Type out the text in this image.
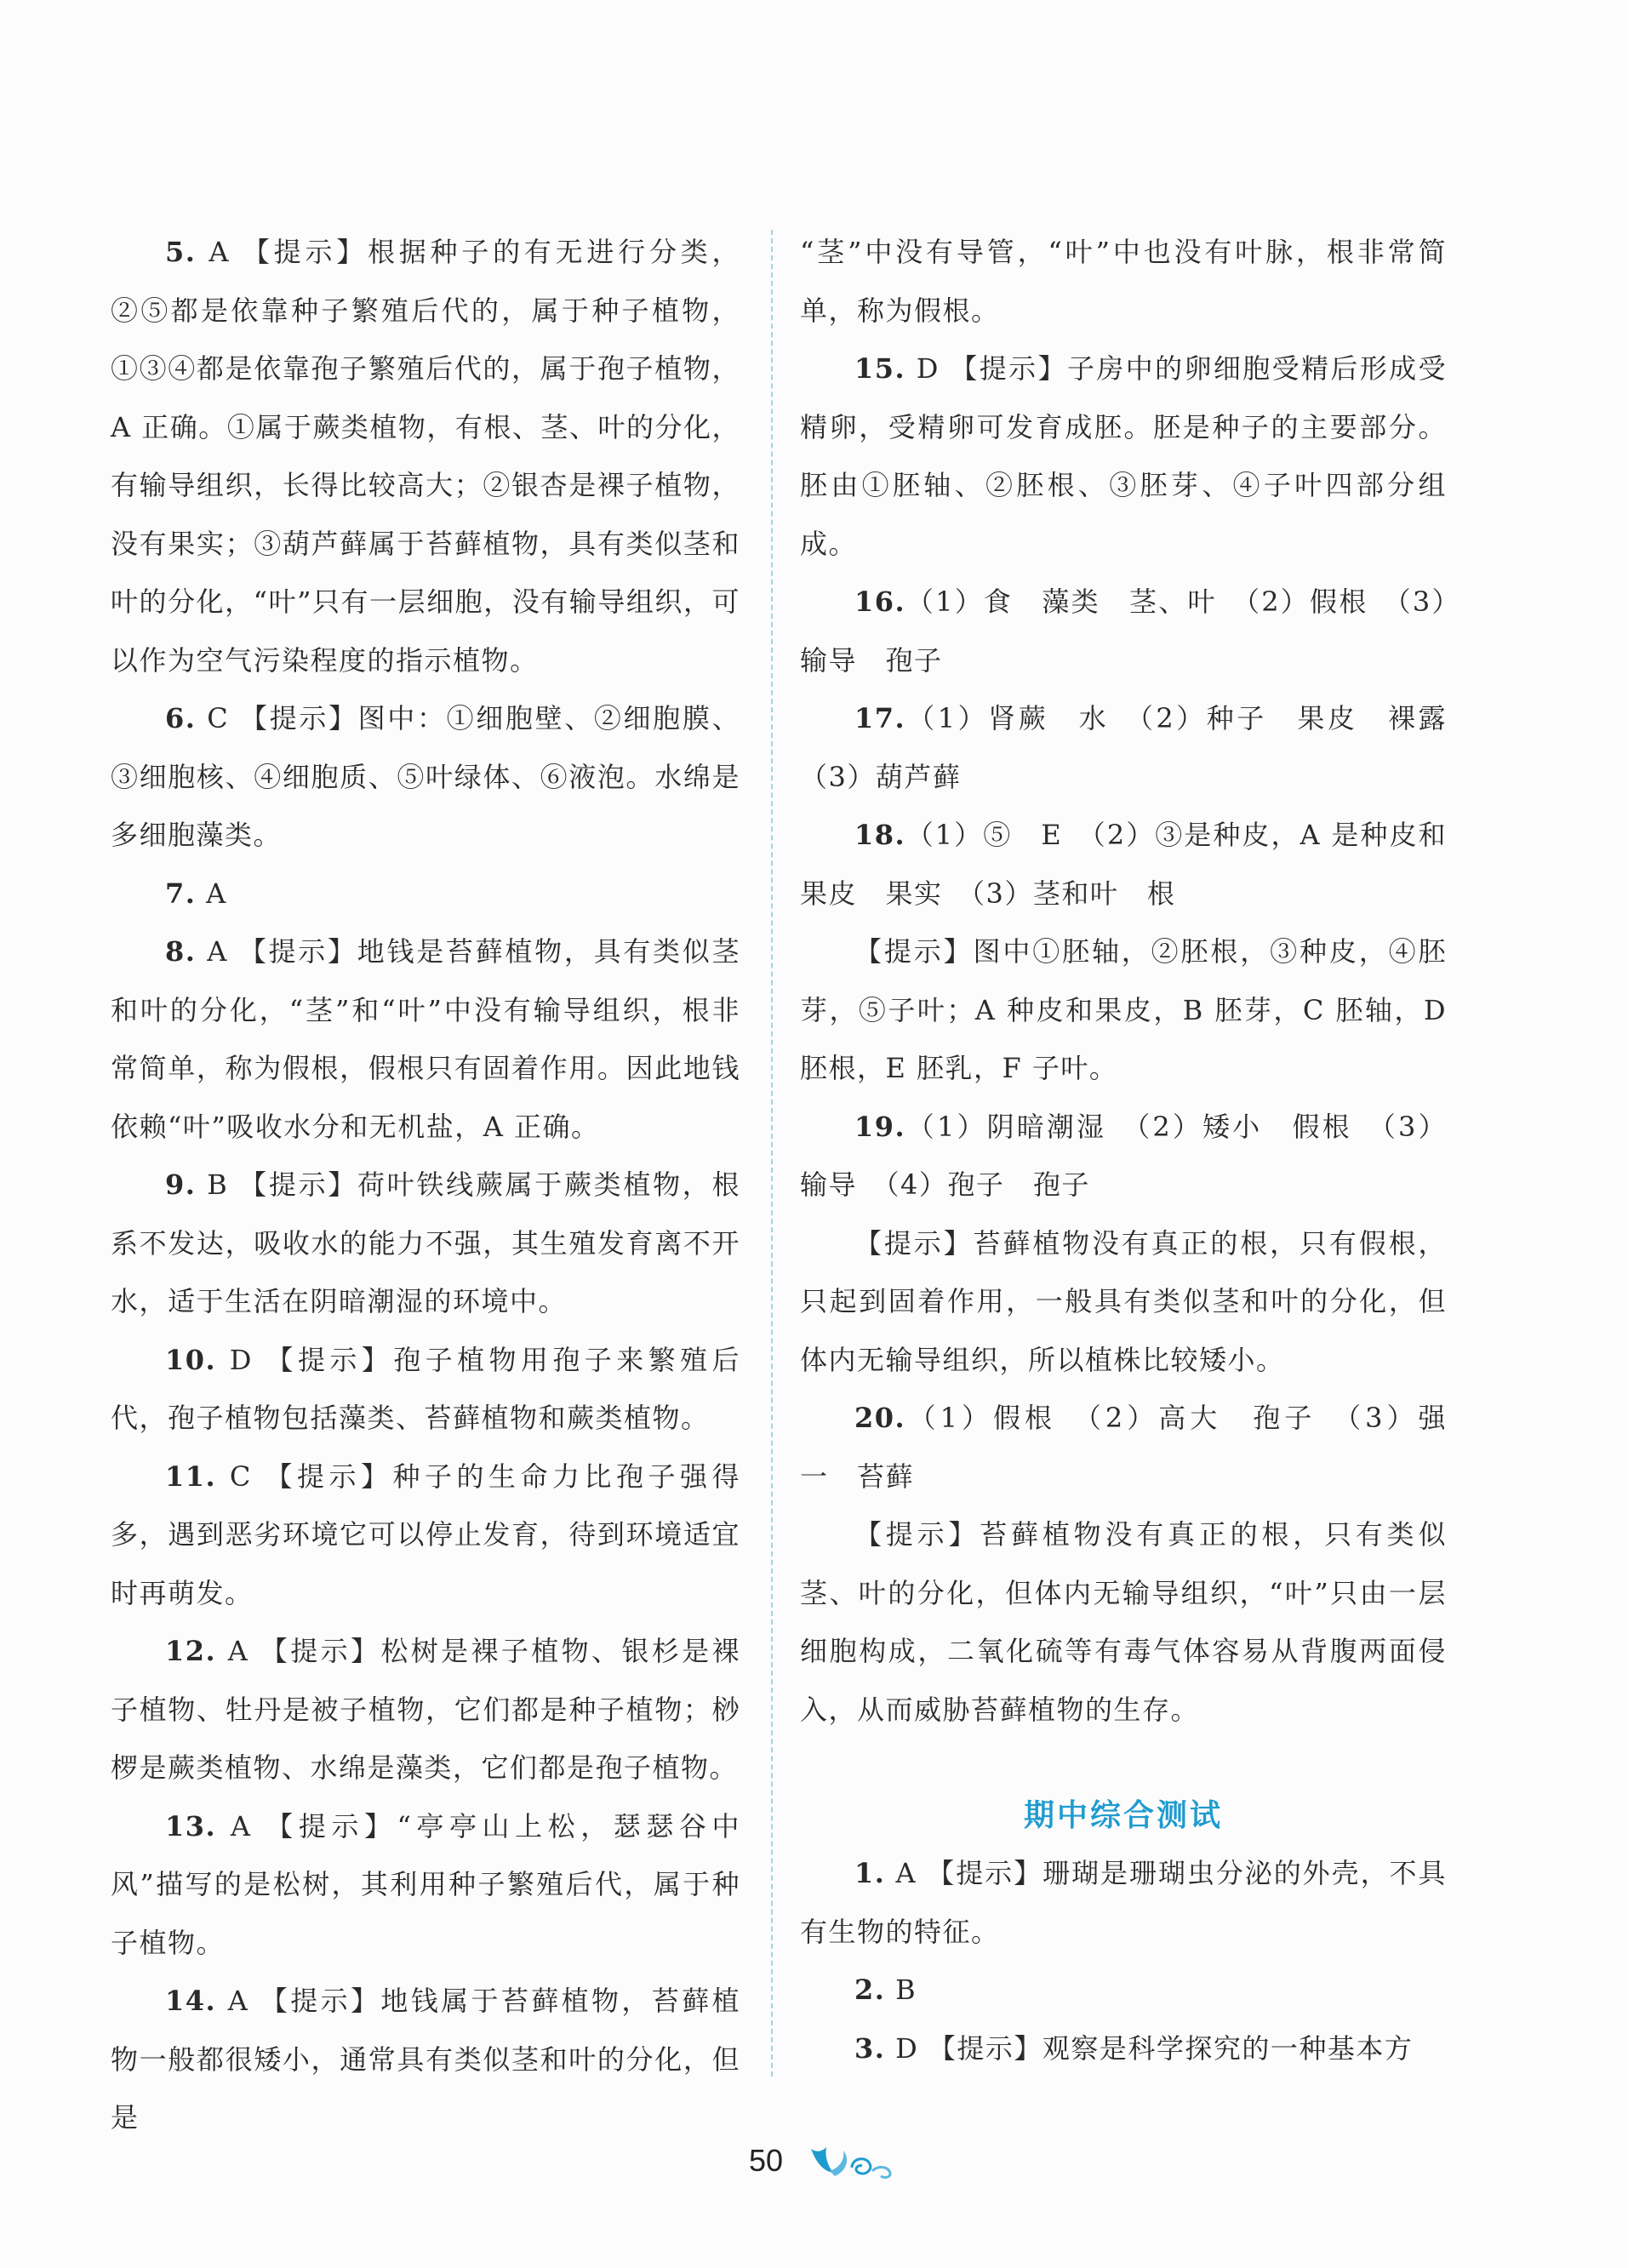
5. A 【提示】根据种子的有无进行分类，②⑤都是依靠种子繁殖后代的，属于种子植物，①③④都是依靠孢子繁殖后代的，属于孢子植物，A 正确。①属于蕨类植物，有根、茎、叶的分化，有输导组织，长得比较高大；②银杏是裸子植物，没有果实；③葫芦藓属于苔藓植物，具有类似茎和叶的分化，“叶”只有一层细胞，没有输导组织，可以作为空气污染程度的指示植物。

6. C 【提示】图中：①细胞壁、②细胞膜、③细胞核、④细胞质、⑤叶绿体、⑥液泡。水绵是多细胞藻类。

7. A

8. A 【提示】地钱是苔藓植物，具有类似茎和叶的分化，“茎”和“叶”中没有输导组织，根非常简单，称为假根，假根只有固着作用。因此地钱依赖“叶”吸收水分和无机盐，A 正确。

9. B 【提示】荷叶铁线蕨属于蕨类植物，根系不发达，吸收水的能力不强，其生殖发育离不开水，适于生活在阴暗潮湿的环境中。

10. D 【提示】孢子植物用孢子来繁殖后代，孢子植物包括藻类、苔藓植物和蕨类植物。

11. C 【提示】种子的生命力比孢子强得多，遇到恶劣环境它可以停止发育，待到环境适宜时再萌发。

12. A 【提示】松树是裸子植物、银杉是裸子植物、牡丹是被子植物，它们都是种子植物；桫椤是蕨类植物、水绵是藻类，它们都是孢子植物。

13. A 【提示】“亭亭山上松，瑟瑟谷中风”描写的是松树，其利用种子繁殖后代，属于种子植物。

14. A 【提示】地钱属于苔藓植物，苔藓植物一般都很矮小，通常具有类似茎和叶的分化，但是

“茎”中没有导管，“叶”中也没有叶脉，根非常简单，称为假根。

15. D 【提示】子房中的卵细胞受精后形成受精卵，受精卵可发育成胚。胚是种子的主要部分。胚由①胚轴、②胚根、③胚芽、④子叶四部分组成。

16.（1）食　藻类　茎、叶　（2）假根　（3）输导　孢子

17.（1）肾蕨　水　（2）种子　果皮　裸露　（3）葫芦藓

18.（1）⑤　E　（2）③是种皮，A 是种皮和果皮　果实　（3）茎和叶　根

【提示】图中①胚轴，②胚根，③种皮，④胚芽，⑤子叶；A 种皮和果皮，B 胚芽，C 胚轴，D 胚根，E 胚乳，F 子叶。

19.（1）阴暗潮湿　（2）矮小　假根　（3）输导　（4）孢子　孢子

【提示】苔藓植物没有真正的根，只有假根，只起到固着作用，一般具有类似茎和叶的分化，但体内无输导组织，所以植株比较矮小。

20.（1）假根　（2）高大　孢子　（3）强　一　苔藓

【提示】苔藓植物没有真正的根，只有类似茎、叶的分化，但体内无输导组织，“叶”只由一层细胞构成，二氧化硫等有毒气体容易从背腹两面侵入，从而威胁苔藓植物的生存。

期中综合测试

1. A 【提示】珊瑚是珊瑚虫分泌的外壳，不具有生物的特征。

2. B

3. D 【提示】观察是科学探究的一种基本方

50
